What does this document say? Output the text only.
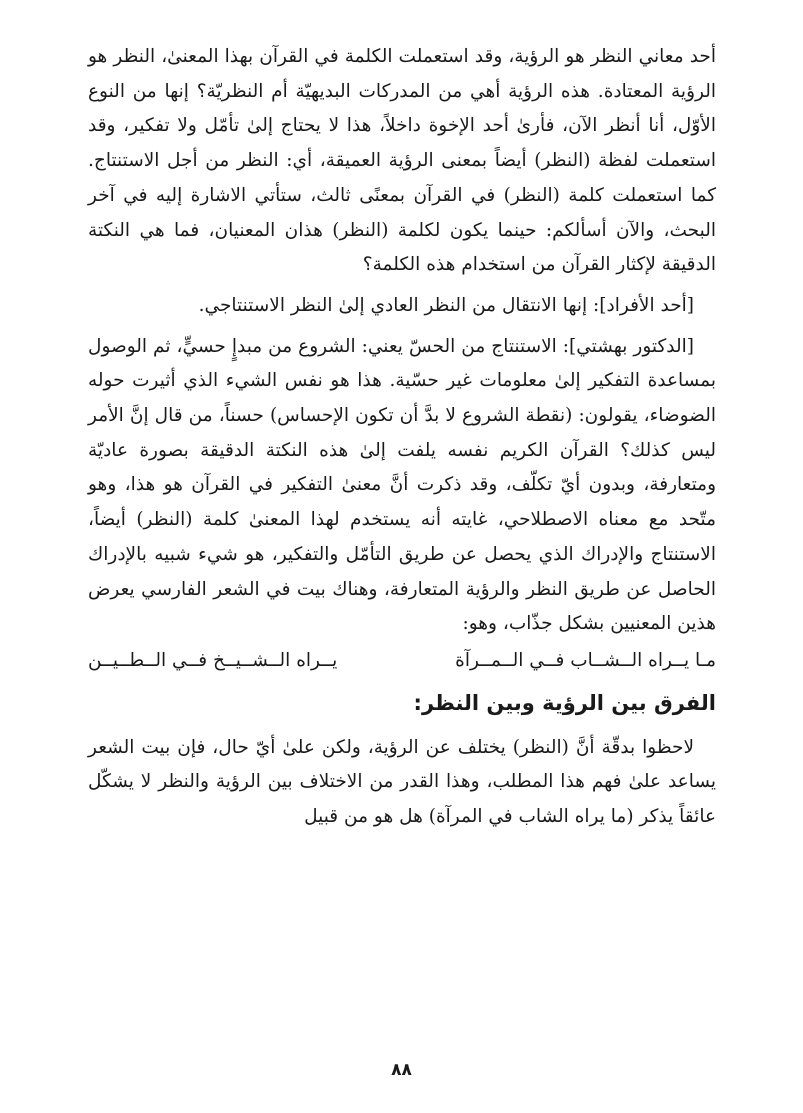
أحد معاني النظر هو الرؤية، وقد استعملت الكلمة في القرآن بهذا المعنىٰ، النظر هو الرؤية المعتادة. هذه الرؤية أهي من المدركات البديهيّة أم النظريّة؟ إنها من النوع الأوّل، أنا أنظر الآن، فأرىٰ أحد الإخوة داخلاً، هذا لا يحتاج إلىٰ تأمّل ولا تفكير، وقد استعملت لفظة (النظر) أيضاً بمعنى الرؤية العميقة، أي: النظر من أجل الاستنتاج. كما استعملت كلمة (النظر) في القرآن بمعنًى ثالث، ستأتي الاشارة إليه في آخر البحث، والآن أسألكم: حينما يكون لكلمة (النظر) هذان المعنيان، فما هي النكتة الدقيقة لإكثار القرآن من استخدام هذه الكلمة؟

[أحد الأفراد]: إنها الانتقال من النظر العادي إلىٰ النظر الاستنتاجي.

[الدكتور بهشتي]: الاستنتاج من الحسّ يعني: الشروع من مبدإٍ حسيٍّ، ثم الوصول بمساعدة التفكير إلىٰ معلومات غير حسّية. هذا هو نفس الشيء الذي أثيرت حوله الضوضاء، يقولون: (نقطة الشروع لا بدَّ أن تكون الإحساس) حسناً، من قال إنَّ الأمر ليس كذلك؟ القرآن الكريم نفسه يلفت إلىٰ هذه النكتة الدقيقة بصورة عاديّة ومتعارفة، وبدون أيّ تكلّف، وقد ذكرت أنَّ معنىٰ التفكير في القرآن هو هذا، وهو متّحد مع معناه الاصطلاحي، غايته أنه يستخدم لهذا المعنىٰ كلمة (النظر) أيضاً، الاستنتاج والإدراك الذي يحصل عن طريق التأمّل والتفكير، هو شيء شبيه بالإدراك الحاصل عن طريق النظر والرؤية المتعارفة، وهناك بيت في الشعر الفارسي يعرض هذين المعنيين بشكل جذّاب، وهو:

مـا يــراه الــشــاب فــي الــمــرآة
يــراه الــشــيــخ فــي الــطــيــن
الفرق بين الرؤية وبين النظر:

لاحظوا بدقّة أنَّ (النظر) يختلف عن الرؤية، ولكن علىٰ أيّ حال، فإن بيت الشعر يساعد علىٰ فهم هذا المطلب، وهذا القدر من الاختلاف بين الرؤية والنظر لا يشكّل عائقاً يذكر (ما يراه الشاب في المرآة) هل هو من قبيل

٨٨
